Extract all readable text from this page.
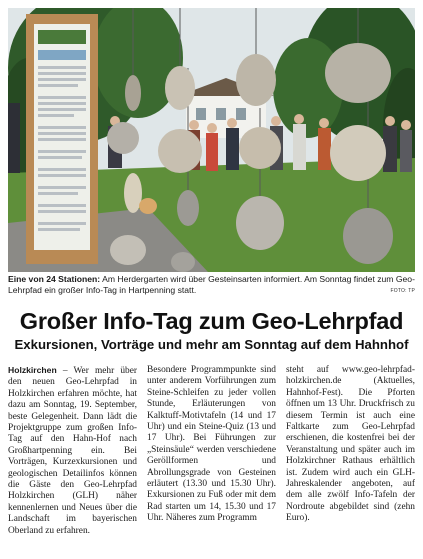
Eine von 24 Stationen: Am Herdergarten wird über Gesteinsarten informiert. Am Sonntag findet zum Geo-Lehrpfad ein großer Info-Tag in Hartpenning statt.	FOTO: TP
Großer Info-Tag zum Geo-Lehrpfad
Exkursionen, Vorträge und mehr am Sonntag auf dem Hahnhof

Holzkirchen – Wer mehr über den neuen Geo-Lehrpfad in Holzkirchen erfahren möchte, hat dazu am Sonntag, 19. September, beste Gelegenheit. Dann lädt die Projektgruppe zum großen Info-Tag auf den Hahn-Hof nach Großhartpenning ein. Bei Vorträgen, Kurzexkursionen und geologischen Detailinfos können die Gäste den Geo-Lehrpfad Holzkirchen (GLH) näher kennenlernen und Neues über die Landschaft im bayerischen Oberland zu erfahren.

Besondere Programmpunkte sind unter anderem Vorführungen zum Steine-Schleifen zu jeder vollen Stunde, Erläuterungen von Kalktuff-Motivtafeln (14 und 17 Uhr) und ein Steine-Quiz (13 und 17 Uhr). Bei Führungen zur „Steinsäule“ werden verschiedene Geröllformen und Abrollungsgrade von Gesteinen erläutert (13.30 und 15.30 Uhr). Exkursionen zu Fuß oder mit dem Rad starten um 14, 15.30 und 17 Uhr. Näheres zum Programm

steht auf www.geo-lehrpfad-holzkirchen.de (Aktuelles, Hahnhof-Fest). Die Pforten öffnen um 13 Uhr. Druckfrisch zu diesem Termin ist auch eine Faltkarte zum Geo-Lehrpfad erschienen, die kostenfrei bei der Veranstaltung und später auch im Holzkirchner Rathaus erhältlich ist. Zudem wird auch ein GLH-Jahreskalender angeboten, auf dem alle zwölf Info-Tafeln der Nordroute abgebildet sind (zehn Euro).
